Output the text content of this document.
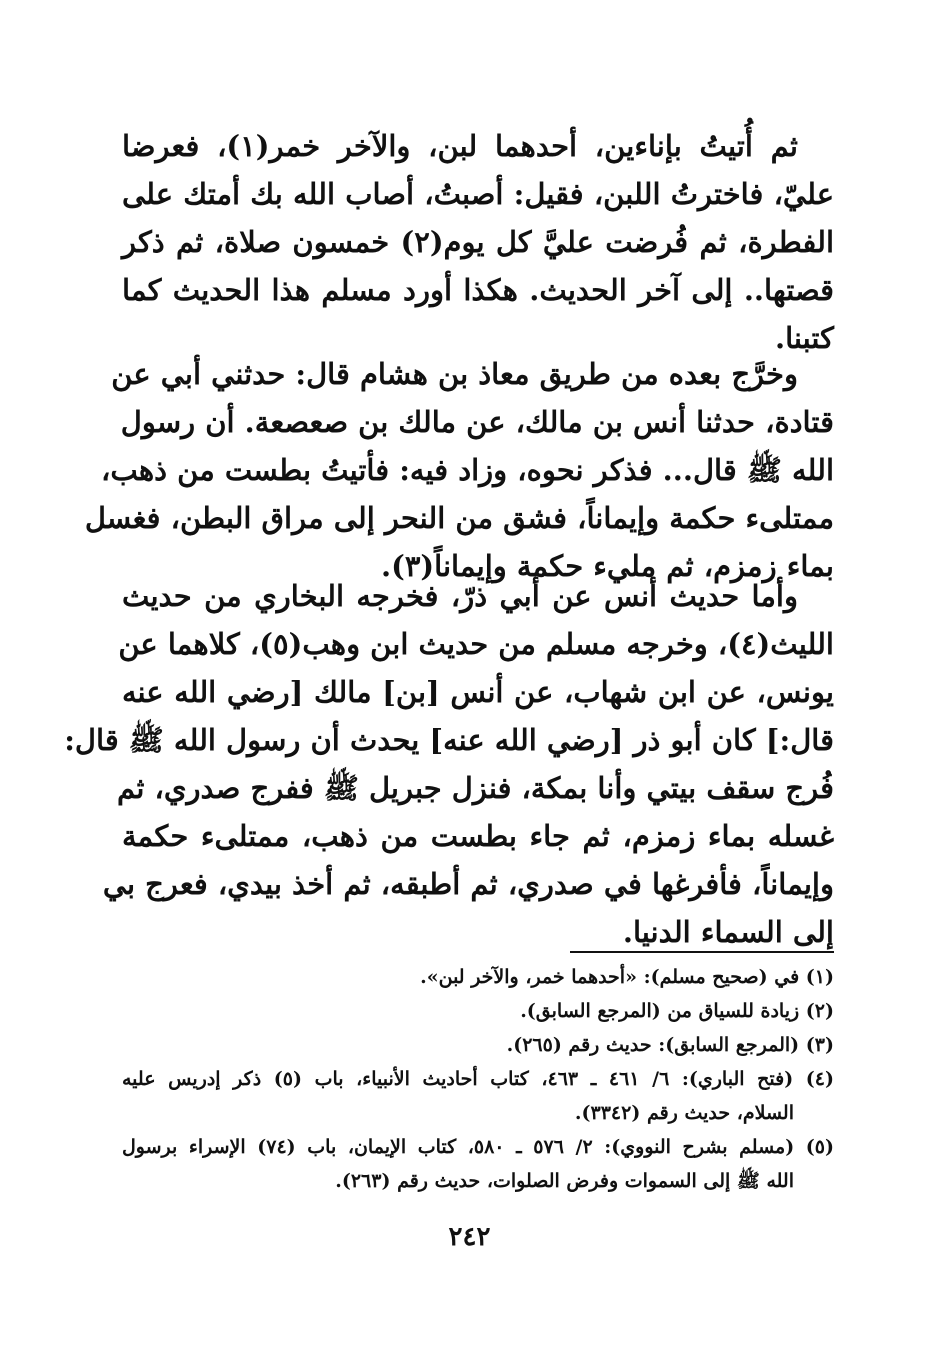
ثم أُتيتُ بإناءين، أحدهما لبن، والآخر خمر(١)، فعرضا
عليّ، فاخترتُ اللبن، فقيل: أصبتُ، أصاب الله بك أمتك على
الفطرة، ثم فُرضت عليَّ كل يوم(٢) خمسون صلاة، ثم ذكر
قصتها.. إلى آخر الحديث. هكذا أورد مسلم هذا الحديث كما
كتبنا.
وخرَّج بعده من طريق معاذ بن هشام قال: حدثني أبي عن
قتادة، حدثنا أنس بن مالك، عن مالك بن صعصعة. أن رسول
الله ﷺ قال... فذكر نحوه، وزاد فيه: فأتيتُ بطست من ذهب،
ممتلىء حكمة وإيماناً، فشق من النحر إلى مراق البطن، فغسل
بماء زمزم، ثم مليء حكمة وإيماناً(٣).
وأما حديث أنس عن أبي ذرّ، فخرجه البخاري من حديث
الليث(٤)، وخرجه مسلم من حديث ابن وهب(٥)، كلاهما عن
يونس، عن ابن شهاب، عن أنس [بن] مالك [رضي الله عنه
قال:] كان أبو ذر [رضي الله عنه] يحدث أن رسول الله ﷺ قال:
فُرج سقف بيتي وأنا بمكة، فنزل جبريل ﷺ ففرج صدري، ثم
غسله بماء زمزم، ثم جاء بطست من ذهب، ممتلىء حكمة
وإيماناً، فأفرغها في صدري، ثم أطبقه، ثم أخذ بيدي، فعرج بي
إلى السماء الدنيا.
(١) في (صحيح مسلم): «أحدهما خمر، والآخر لبن».
(٢) زيادة للسياق من (المرجع السابق).
(٣) (المرجع السابق): حديث رقم (٢٦٥).
(٤) (فتح الباري): ٦/ ٤٦١ ـ ٤٦٣، كتاب أحاديث الأنبياء، باب (٥) ذكر إدريس عليه
السلام، حديث رقم (٣٣٤٢).
(٥) (مسلم بشرح النووي): ٢/ ٥٧٦ ـ ٥٨٠، كتاب الإيمان، باب (٧٤) الإسراء برسول
الله ﷺ إلى السموات وفرض الصلوات، حديث رقم (٢٦٣).
٢٤٢
